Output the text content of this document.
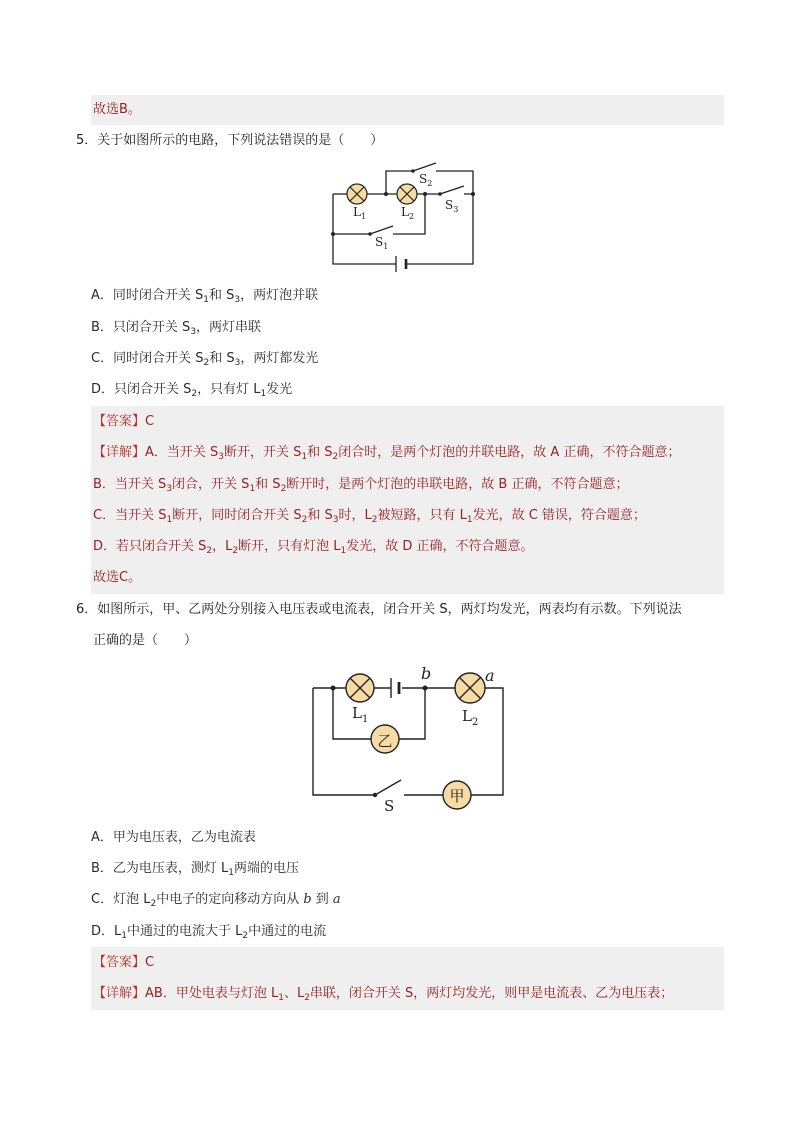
故选B。
5．关于如图所示的电路，下列说法错误的是（　　）
$L_1$	$L_2$
$S_2$
$S_3$
$S_1$
A．同时闭合开关 $S_1$和 $S_3$，两灯泡并联
B．只闭合开关 $S_3$，两灯串联
C．同时闭合开关 $S_2$和 $S_3$，两灯都发光
D．只闭合开关 $S_2$，只有灯 $L_1$发光
【答案】C
【详解】A．当开关 $S_3$断开，开关 $S_1$和 $S_2$闭合时，是两个灯泡的并联电路，故 A 正确，不符合题意；
B．当开关 $S_3$闭合，开关 $S_1$和 $S_2$断开时，是两个灯泡的串联电路，故 B 正确，不符合题意；
C．当开关 $S_1$断开，同时闭合开关 $S_2$和 $S_3$时，$L_2$被短路，只有 $L_1$发光，故 C 错误，符合题意；
D．若只闭合开关 $S_2$，$L_2$断开，只有灯泡 $L_1$发光，故 D 正确，不符合题意。
故选C。
6．如图所示，甲、乙两处分别接入电压表或电流表，闭合开关 S，两灯均发光，两表均有示数。下列说法
正确的是（　　）
乙
甲
b	a
$L_1$	$L_2$
S
A．甲为电压表，乙为电流表
B．乙为电压表，测灯 $L_1$两端的电压
C．灯泡 $L_2$中电子的定向移动方向从 b 到 a
D．$L_1$中通过的电流大于 $L_2$中通过的电流
【答案】C
【详解】AB．甲处电表与灯泡 $L_1$、$L_2$串联，闭合开关 S，两灯均发光，则甲是电流表、乙为电压表；
